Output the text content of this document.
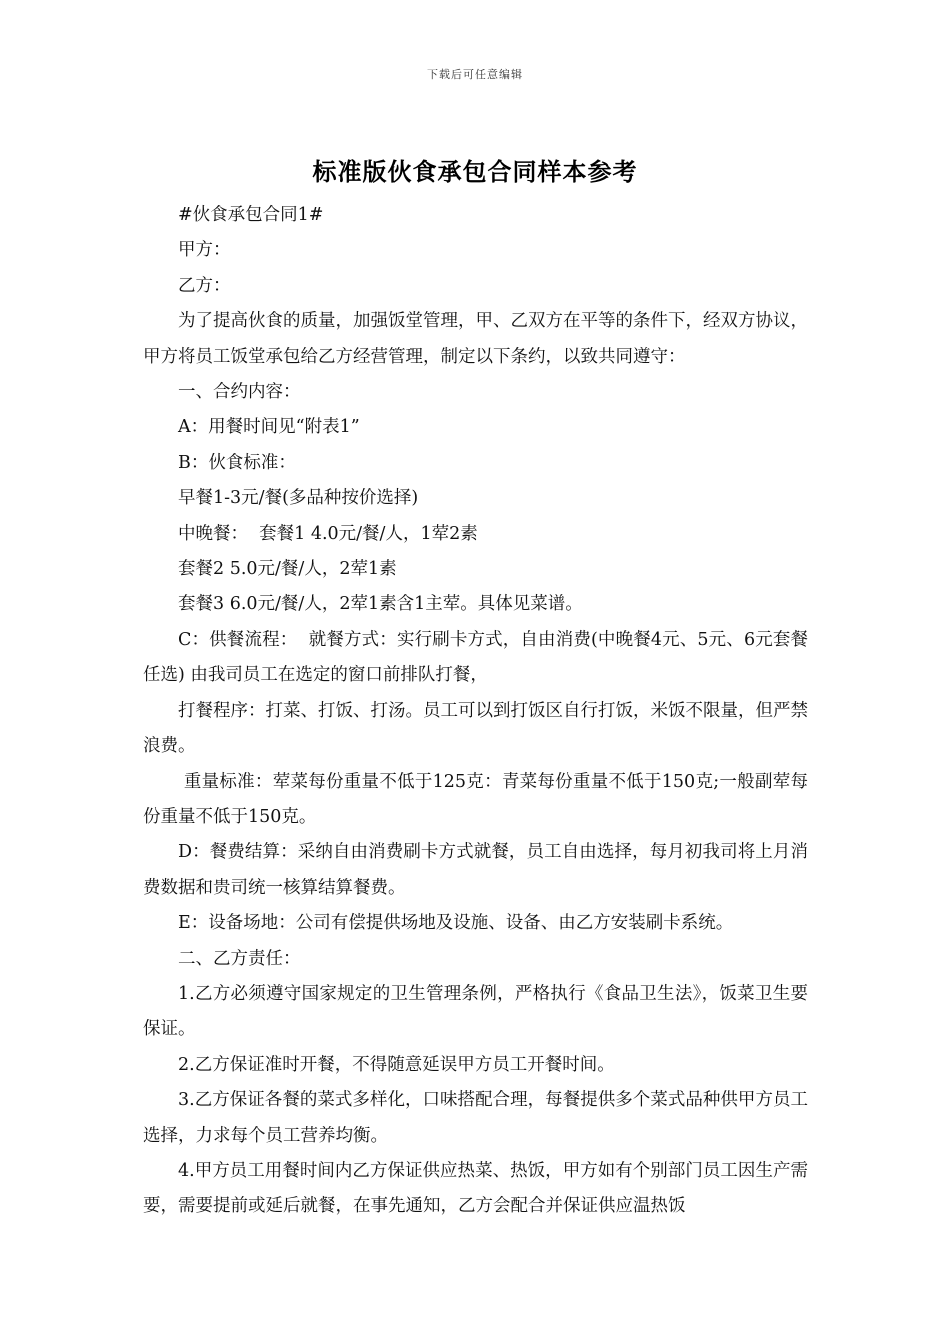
下载后可任意编辑
标准版伙食承包合同样本参考

#伙食承包合同1#

甲方：

乙方：

为了提高伙食的质量，加强饭堂管理，甲、乙双方在平等的条件下，经双方协议，甲方将员工饭堂承包给乙方经营管理，制定以下条约，以致共同遵守：

一、合约内容：

A：用餐时间见“附表1”

B：伙食标准：

早餐1-3元/餐(多品种按价选择)

中晚餐：  套餐1 4.0元/餐/人，1荤2素

套餐2 5.0元/餐/人，2荤1素

套餐3 6.0元/餐/人，2荤1素含1主荤。具体见菜谱。

C：供餐流程：  就餐方式：实行刷卡方式，自由消费(中晚餐4元、5元、6元套餐任选) 由我司员工在选定的窗口前排队打餐，

打餐程序：打菜、打饭、打汤。员工可以到打饭区自行打饭，米饭不限量，但严禁浪费。

重量标准：荤菜每份重量不低于125克：青菜每份重量不低于150克;一般副荤每份重量不低于150克。

D：餐费结算：采纳自由消费刷卡方式就餐，员工自由选择，每月初我司将上月消费数据和贵司统一核算结算餐费。

E：设备场地：公司有偿提供场地及设施、设备、由乙方安装刷卡系统。

二、乙方责任：

1.乙方必须遵守国家规定的卫生管理条例，严格执行《食品卫生法》，饭菜卫生要保证。

2.乙方保证准时开餐，不得随意延误甲方员工开餐时间。

3.乙方保证各餐的菜式多样化，口味搭配合理，每餐提供多个菜式品种供甲方员工选择，力求每个员工营养均衡。

4.甲方员工用餐时间内乙方保证供应热菜、热饭，甲方如有个别部门员工因生产需要，需要提前或延后就餐，在事先通知，乙方会配合并保证供应温热饭
